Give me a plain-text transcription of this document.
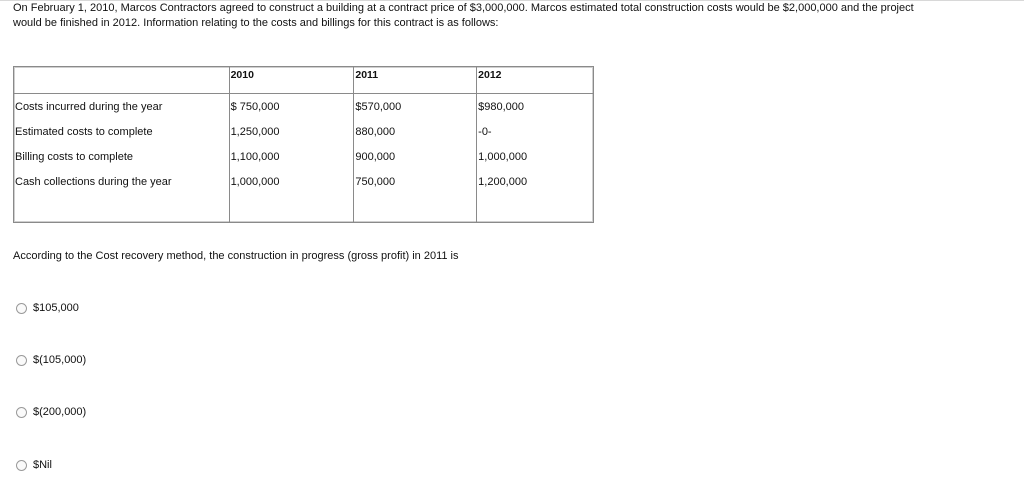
On February 1, 2010, Marcos Contractors agreed to construct a building at a contract price of $3,000,000. Marcos estimated total construction costs would be $2,000,000 and the project
would be finished in 2012. Information relating to the costs and billings for this contract is as follows:
	2010	2011	2012
Costs incurred during the year	$ 750,000	$570,000	$980,000
Estimated costs to complete	1,250,000	880,000	-0-
Billing costs to complete	1,100,000	900,000	1,000,000
Cash collections during the year	1,000,000	750,000	1,200,000

According to the Cost recovery method, the construction in progress (gross profit) in 2011 is
$105,000
$(105,000)
$(200,000)
$Nil
